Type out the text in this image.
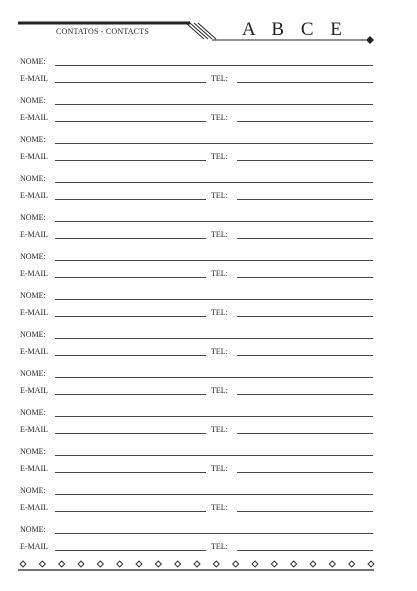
CONTATOS - CONTACTS	A B C E
NOME:
E-MAIL	TEL:
NOME:
E-MAIL	TEL:
NOME:
E-MAIL	TEL:
NOME:
E-MAIL	TEL:
NOME:
E-MAIL	TEL:
NOME:
E-MAIL	TEL:
NOME:
E-MAIL	TEL:
NOME:
E-MAIL	TEL:
NOME:
E-MAIL	TEL:
NOME:
E-MAIL	TEL:
NOME:
E-MAIL	TEL:
NOME:
E-MAIL	TEL:
NOME:
E-MAIL	TEL:
